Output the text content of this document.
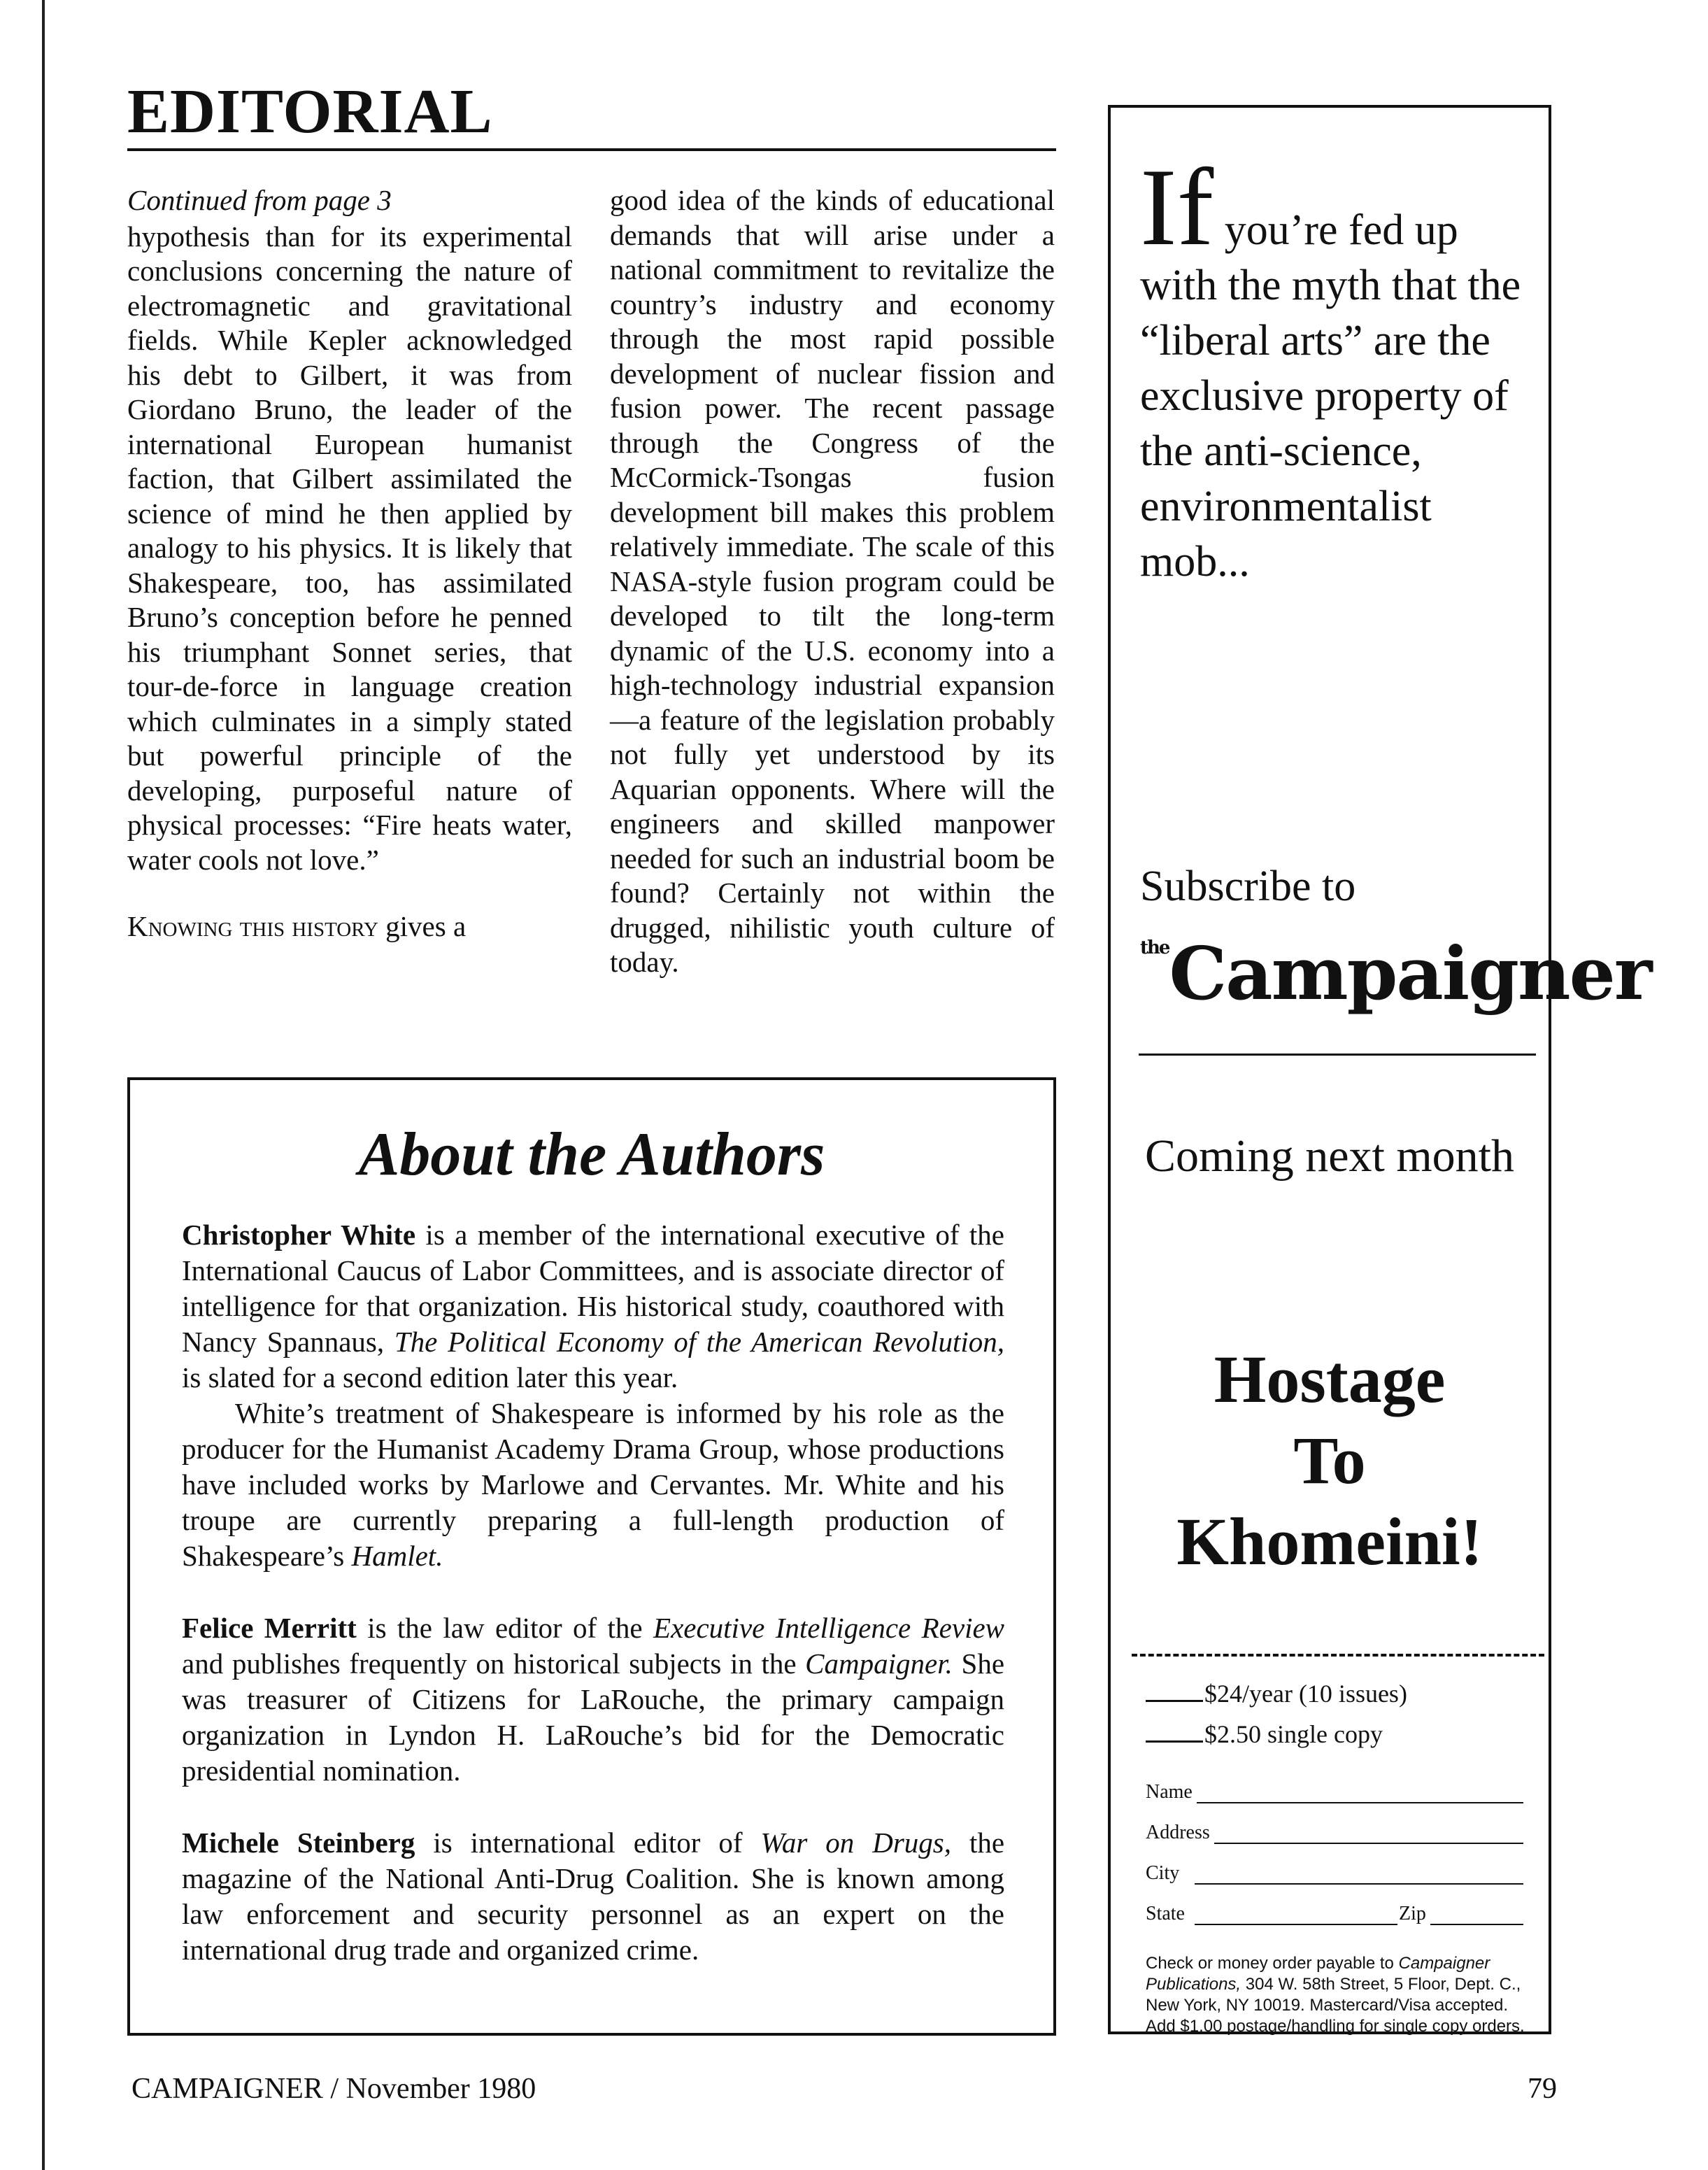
EDITORIAL

Continued from page 3

hypothesis than for its experimental conclusions concerning the nature of electromagnetic and gravitational fields. While Kepler acknowledged his debt to Gilbert, it was from Giordano Bruno, the leader of the international European humanist faction, that Gilbert assimilated the science of mind he then applied by analogy to his physics. It is likely that Shakespeare, too, has assimilated Bruno’s conception before he penned his triumphant Sonnet series, that tour-de-force in language creation which culminates in a simply stated but powerful principle of the developing, purposeful nature of physical processes: “Fire heats water, water cools not love.”

Knowing this history gives a

good idea of the kinds of educational demands that will arise under a national commitment to revitalize the country’s industry and economy through the most rapid possible development of nuclear fission and fusion power. The recent passage through the Congress of the McCormick-Tsongas fusion development bill makes this problem relatively immediate. The scale of this NASA-style fusion program could be developed to tilt the long-term dynamic of the U.S. economy into a high-technology industrial expansion—a feature of the legislation probably not fully yet understood by its Aquarian opponents. Where will the engineers and skilled manpower needed for such an industrial boom be found? Certainly not within the drugged, nihilistic youth culture of today.

About the Authors

Christopher White is a member of the international executive of the International Caucus of Labor Committees, and is associate director of intelligence for that organization. His historical study, coauthored with Nancy Spannaus, The Political Economy of the American Revolution, is slated for a second edition later this year.

White’s treatment of Shakespeare is informed by his role as the producer for the Humanist Academy Drama Group, whose productions have included works by Marlowe and Cervantes. Mr. White and his troupe are currently preparing a full-length production of Shakespeare’s Hamlet.

Felice Merritt is the law editor of the Executive Intelligence Review and publishes frequently on historical subjects in the Campaigner. She was treasurer of Citizens for LaRouche, the primary campaign organization in Lyndon H. LaRouche’s bid for the Democratic presidential nomination.

Michele Steinberg is international editor of War on Drugs, the magazine of the National Anti-Drug Coalition. She is known among law enforcement and security personnel as an expert on the international drug trade and organized crime.

CAMPAIGNER / November 1980	79
If you’re fed up with the myth that the “liberal arts” are the exclusive property of the anti-science, environmentalist mob...
Subscribe to
$^{the}$Campaigner
Coming next month
Hostage
To
Khomeini!
$24/year (10 issues)
$2.50 single copy
Name
Address
City
State	Zip
Check or money order payable to Campaigner Publications, 304 W. 58th Street, 5 Floor, Dept. C., New York, NY 10019. Mastercard/Visa accepted. Add $1.00 postage/handling for single copy orders.
